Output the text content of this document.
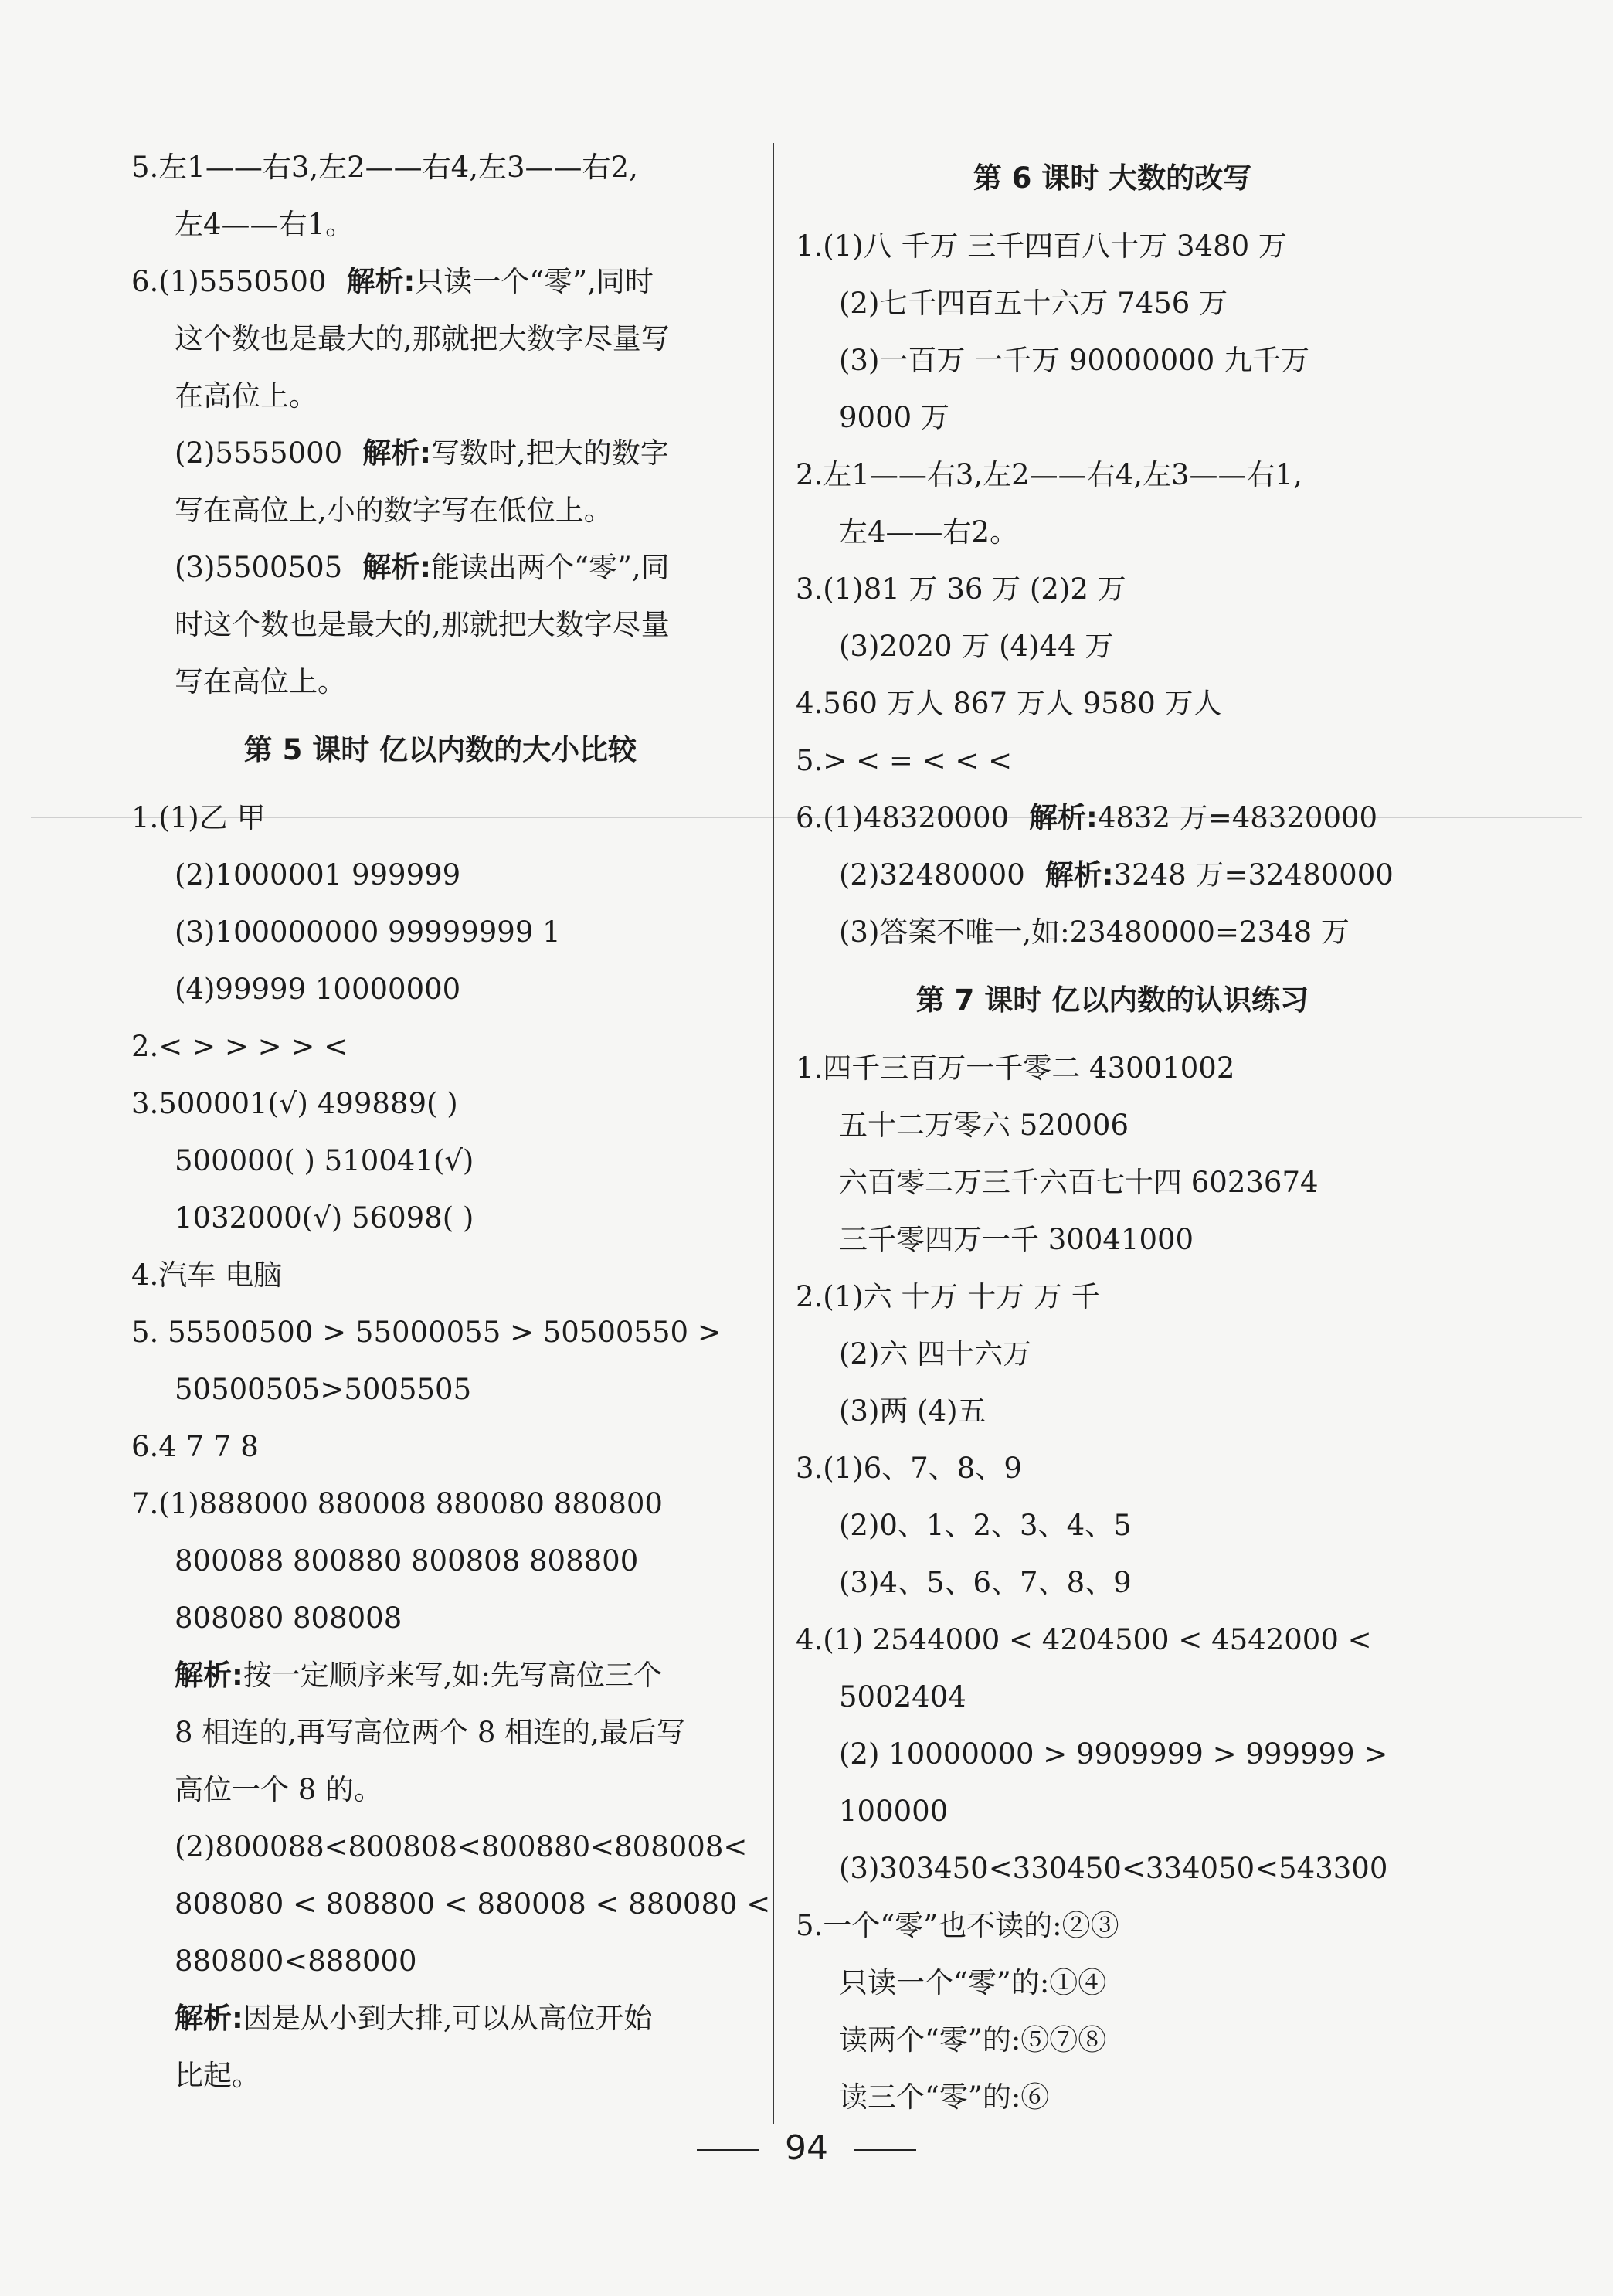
5.左1——右3,左2——右4,左3——右2,
左4——右1。
6.(1)5550500 解析:只读一个“零”,同时
这个数也是最大的,那就把大数字尽量写
在高位上。
(2)5555000 解析:写数时,把大的数字
写在高位上,小的数字写在低位上。
(3)5500505 解析:能读出两个“零”,同
时这个数也是最大的,那就把大数字尽量
写在高位上。
第 5 课时 亿以内数的大小比较
1.(1)乙 甲
(2)1000001 999999
(3)100000000 99999999 1
(4)99999 10000000
2.< > > > > <
3.500001(√) 499889( )
500000( ) 510041(√)
1032000(√) 56098( )
4.汽车 电脑
5. 55500500 > 55000055 > 50500550 >
50500505>5005505
6.4 7 7 8
7.(1)888000 880008 880080 880800
800088 800880 800808 808800
808080 808008
解析:按一定顺序来写,如:先写高位三个
8 相连的,再写高位两个 8 相连的,最后写
高位一个 8 的。
(2)800088<800808<800880<808008<
808080 < 808800 < 880008 < 880080 <
880800<888000
解析:因是从小到大排,可以从高位开始
比起。
第 6 课时 大数的改写
1.(1)八 千万 三千四百八十万 3480 万
(2)七千四百五十六万 7456 万
(3)一百万 一千万 90000000 九千万
9000 万
2.左1——右3,左2——右4,左3——右1,
左4——右2。
3.(1)81 万 36 万 (2)2 万
(3)2020 万 (4)44 万
4.560 万人 867 万人 9580 万人
5.> < = < < <
6.(1)48320000 解析:4832 万=48320000
(2)32480000 解析:3248 万=32480000
(3)答案不唯一,如:23480000=2348 万
第 7 课时 亿以内数的认识练习
1.四千三百万一千零二 43001002
五十二万零六 520006
六百零二万三千六百七十四 6023674
三千零四万一千 30041000
2.(1)六 十万 十万 万 千
(2)六 四十六万
(3)两 (4)五
3.(1)6、7、8、9
(2)0、1、2、3、4、5
(3)4、5、6、7、8、9
4.(1) 2544000 < 4204500 < 4542000 <
5002404
(2) 10000000 > 9909999 > 999999 >
100000
(3)303450<330450<334050<543300
5.一个“零”也不读的:②③
只读一个“零”的:①④
读两个“零”的:⑤⑦⑧
读三个“零”的:⑥
94
